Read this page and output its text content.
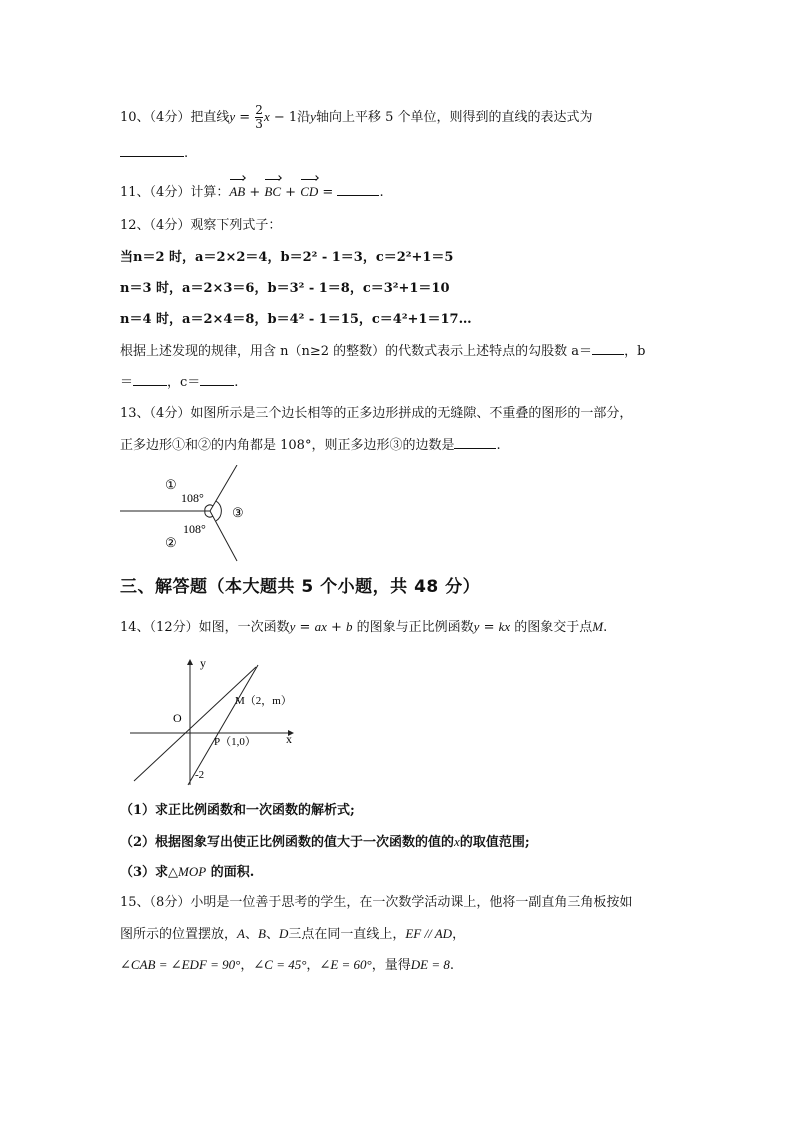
10、（4分）把直线$y = \frac{2}{3}$ x − 1沿y轴向上平移 5 个单位，则得到的直线的表达式为
.
11、（4分）计算：AB + BC + CD =	.
12、（4分）观察下列式子：
当n＝2 时，a＝2×2＝4，b＝2² - 1＝3，c＝2²+1＝5
n＝3 时，a＝2×3＝6，b＝3² - 1＝8，c＝3²+1＝10
n＝4 时，a＝2×4＝8，b＝4² - 1＝15，c＝4²+1＝17…
根据上述发现的规律，用含 n（n≥2 的整数）的代数式表示上述特点的勾股数 a＝ ，b
＝	，c＝	.
13、（4分）如图所示是三个边长相等的正多边形拼成的无缝隙、不重叠的图形的一部分，
正多边形①和②的内角都是 108°，则正多边形③的边数是	.
①
108°
③
108°
②
三、解答题（本大题共 5 个小题，共 48 分）
14、（12分）如图，一次函数y = ax + b 的图象与正比例函数y = kx 的图象交于点M.
y
x
O
M（2，m）
P（1,0）
-2
（1）求正比例函数和一次函数的解析式;
（2）根据图象写出使正比例函数的值大于一次函数的值的x的取值范围;
（3）求△MOP 的面积.
15、（8分）小明是一位善于思考的学生，在一次数学活动课上，他将一副直角三角板按如
图所示的位置摆放，A、B、D三点在同一直线上，EF // AD，
∠CAB = ∠EDF = 90°，∠C = 45°，∠E = 60°，量得DE = 8.
